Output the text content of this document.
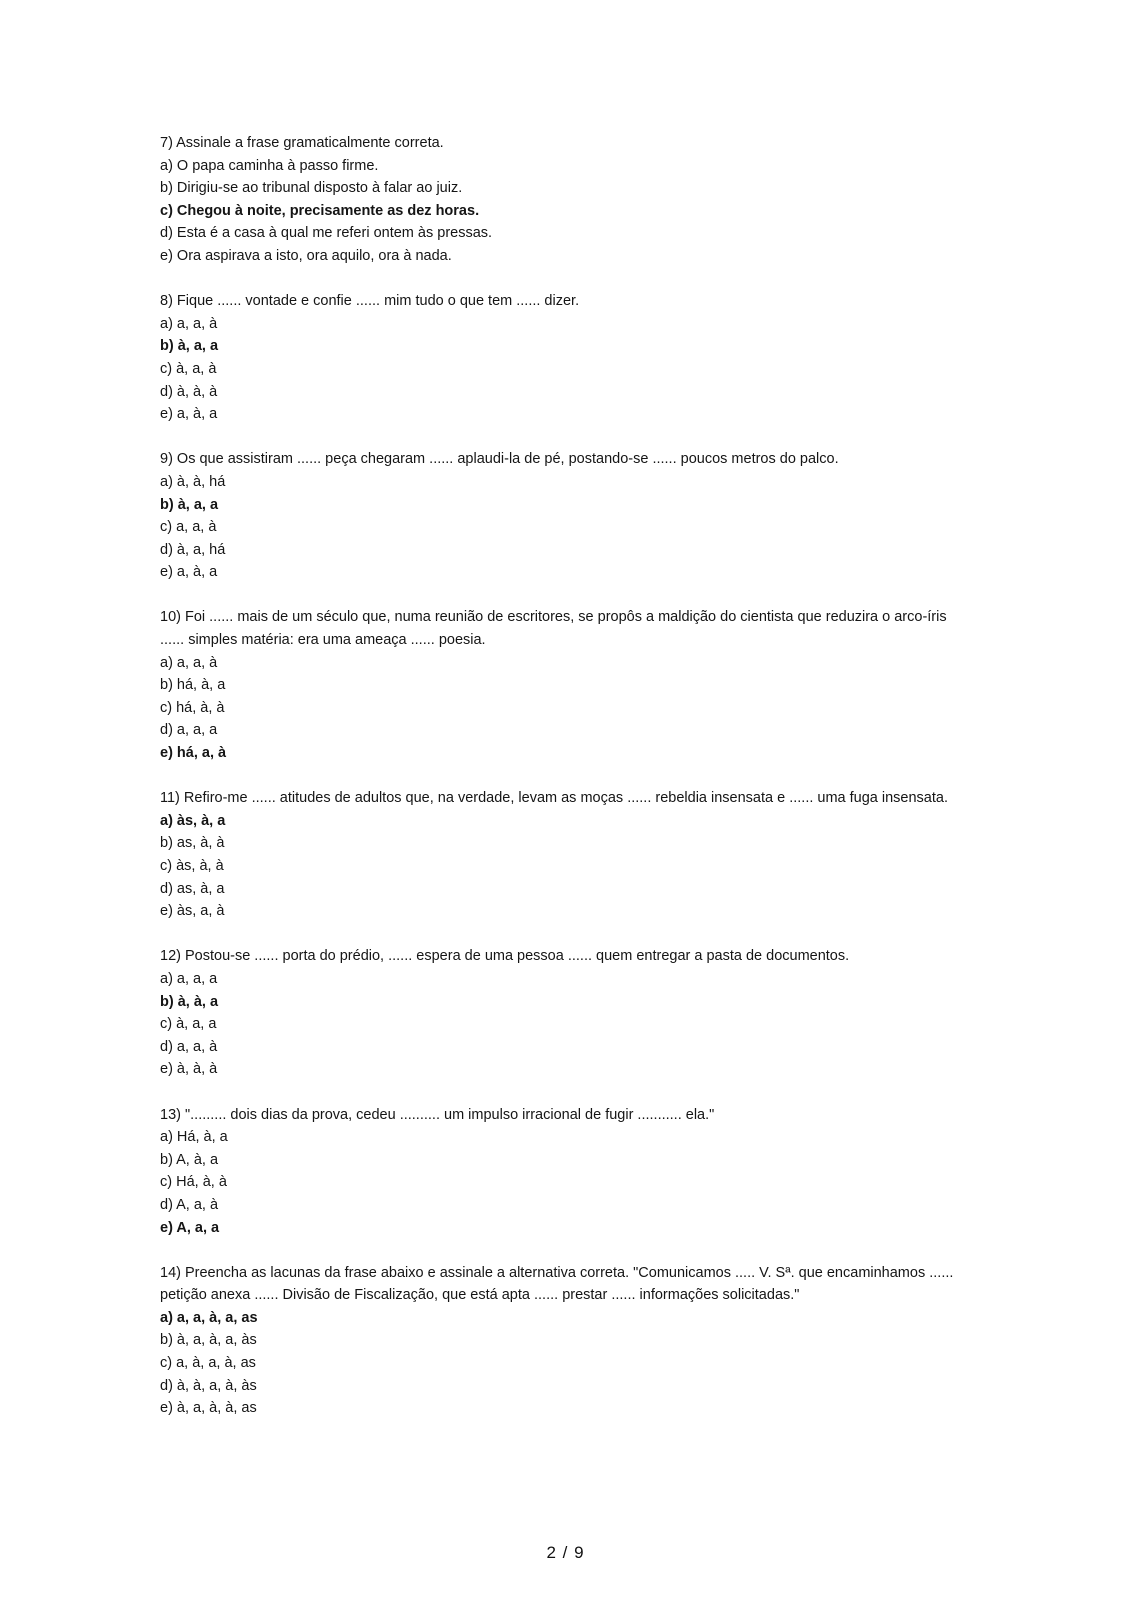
7) Assinale a frase gramaticalmente correta.
a) O papa caminha à passo firme.
b) Dirigiu-se ao tribunal disposto à falar ao juiz.
c) Chegou à noite, precisamente as dez horas.
d) Esta é a casa à qual me referi ontem às pressas.
e) Ora aspirava a isto, ora aquilo, ora à nada.
8) Fique ...... vontade e confie ...... mim tudo o que tem ...... dizer.
a) a, a, à
b) à, a, a
c) à, a, à
d) à, à, à
e) a, à, a
9) Os que assistiram ...... peça chegaram ...... aplaudi-la de pé, postando-se ...... poucos metros do palco.
a) à, à, há
b) à, a, a
c) a, a, à
d) à, a, há
e) a, à, a
10) Foi ...... mais de um século que, numa reunião de escritores, se propôs a maldição do cientista que reduzira o arco-íris ...... simples matéria: era uma ameaça ...... poesia.
a) a, a, à
b) há, à, a
c) há, à, à
d) a, a, a
e) há, a, à
11) Refiro-me ...... atitudes de adultos que, na verdade, levam as moças ...... rebeldia insensata e ...... uma fuga insensata.
a) às, à, a
b) as, à, à
c) às, à, à
d) as, à, a
e) às, a, à
12) Postou-se ...... porta do prédio, ...... espera de uma pessoa ...... quem entregar a pasta de documentos.
a) a, a, a
b) à, à, a
c) à, a, a
d) a, a, à
e) à, à, à
13) "......... dois dias da prova, cedeu .......... um impulso irracional de fugir ........... ela."
a) Há, à, a
b) A, à, a
c) Há, à, à
d) A, a, à
e) A, a, a
14) Preencha as lacunas da frase abaixo e assinale a alternativa correta. "Comunicamos ..... V. Sª. que encaminhamos ...... petição anexa ...... Divisão de Fiscalização, que está apta ...... prestar ...... informações solicitadas."
a) a, a, à, a, as
b) à, a, à, a, às
c) a, à, a, à, as
d) à, à, a, à, às
e) à, a, à, à, as
2 / 9
